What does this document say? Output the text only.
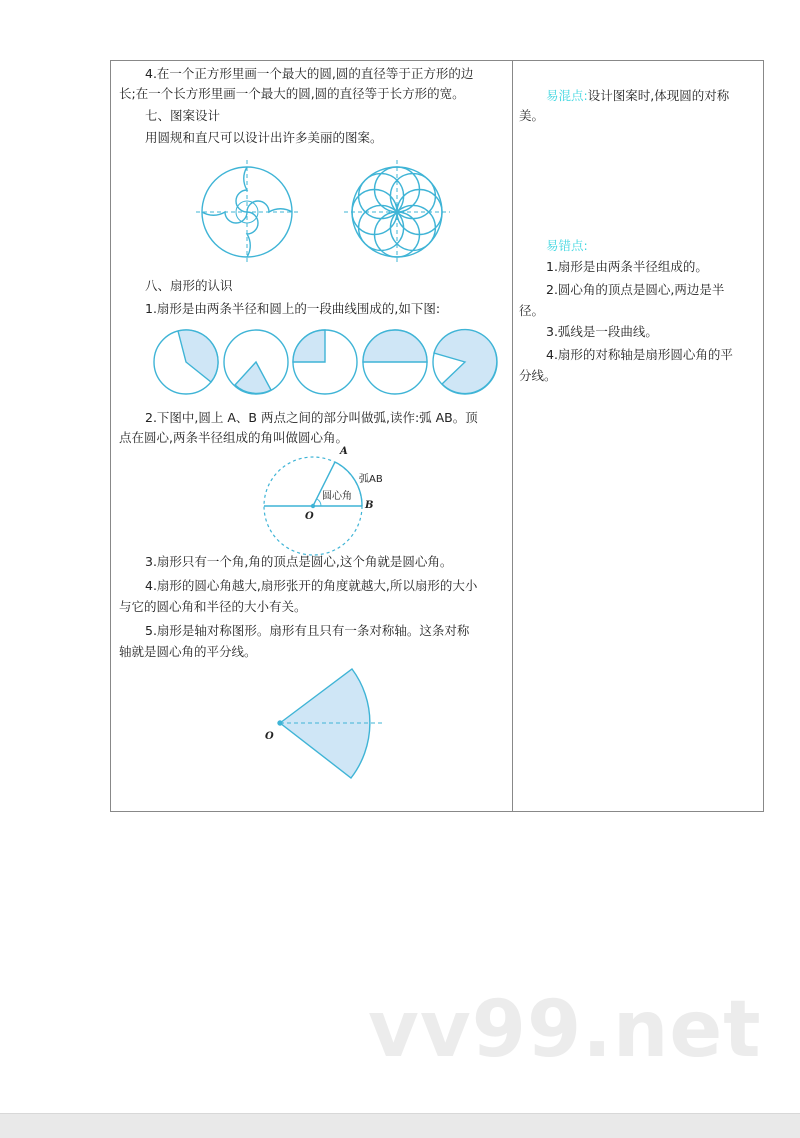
4.在一个正方形里画一个最大的圆,圆的直径等于正方形的边
长;在一个长方形里画一个最大的圆,圆的直径等于长方形的宽。
七、图案设计
用圆规和直尺可以设计出许多美丽的图案。
八、扇形的认识
1.扇形是由两条半径和圆上的一段曲线围成的,如下图:
2.下图中,圆上 A、B 两点之间的部分叫做弧,读作:弧 AB。顶
点在圆心,两条半径组成的角叫做圆心角。
3.扇形只有一个角,角的顶点是圆心,这个角就是圆心角。
4.扇形的圆心角越大,扇形张开的角度就越大,所以扇形的大小
与它的圆心角和半径的大小有关。
5.扇形是轴对称图形。扇形有且只有一条对称轴。这条对称
轴就是圆心角的平分线。
易混点:设计图案时,体现圆的对称
美。
易错点:
1.扇形是由两条半径组成的。
2.圆心角的顶点是圆心,两边是半
径。
3.弧线是一段曲线。
4.扇形的对称轴是扇形圆心角的平
分线。
A
弧AB
圆心角
B
O
O
vv99.net
